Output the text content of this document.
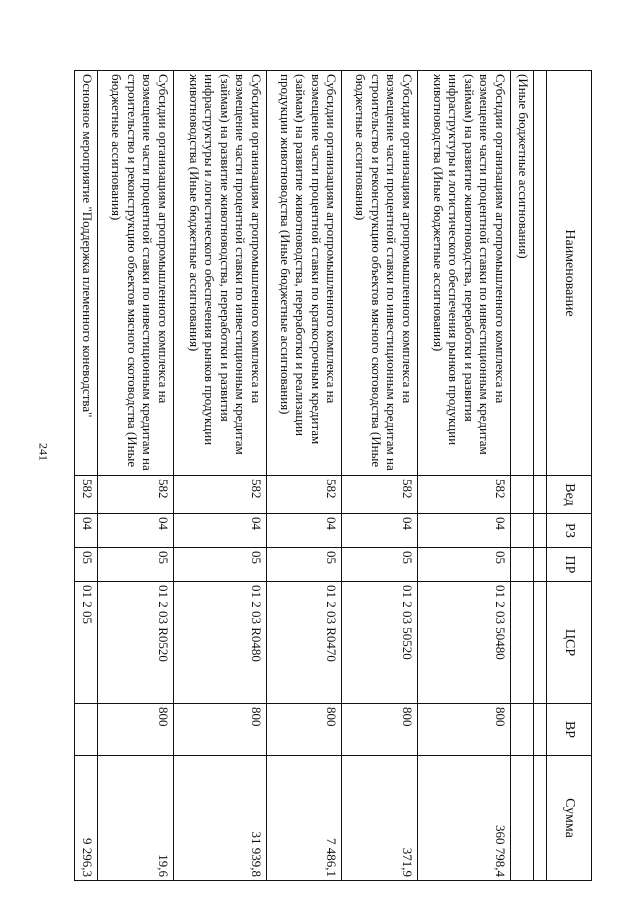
241
Наименование	Вед	РЗ	ПР	ЦСР	ВР	Сумма

(Иные бюджетные ассигнования)						
Субсидии организациям агропромышленного комплекса на возмещение части процентной ставки по инвестиционным кредитам (займам) на развитие животноводства, переработки и развития инфраструктуры и логистического обеспечения рынков продукции животноводства (Иные бюджетные ассигнования)	582	04	05	01 2 03 50480	800	360 798,4
Субсидии организациям агропромышленного комплекса на возмещение части процентной ставки по инвестиционным кредитам на строительство и реконструкцию объектов мясного скотоводства (Иные бюджетные ассигнования)	582	04	05	01 2 03 50520	800	371,9
Субсидии организациям агропромышленного комплекса на возмещение части процентной ставки по краткосрочным кредитам (займам) на развитие животноводства, переработки и реализации продукции животноводства (Иные бюджетные ассигнования)	582	04	05	01 2 03 R0470	800	7 486,1
Субсидии организациям агропромышленного комплекса на возмещение части процентной ставки по инвестиционным кредитам (займам) на развитие животноводства, переработки и развития инфраструктуры и логистического обеспечения рынков продукции животноводства (Иные бюджетные ассигнования)	582	04	05	01 2 03 R0480	800	31 939,8
Субсидии организациям агропромышленного комплекса на возмещение части процентной ставки по инвестиционным кредитам на строительство и реконструкцию объектов мясного скотоводства (Иные бюджетные ассигнования)	582	04	05	01 2 03 R0520	800	19,6
Основное мероприятие "Поддержка племенного коневодства"	582	04	05	01 2 05		9 296,3
